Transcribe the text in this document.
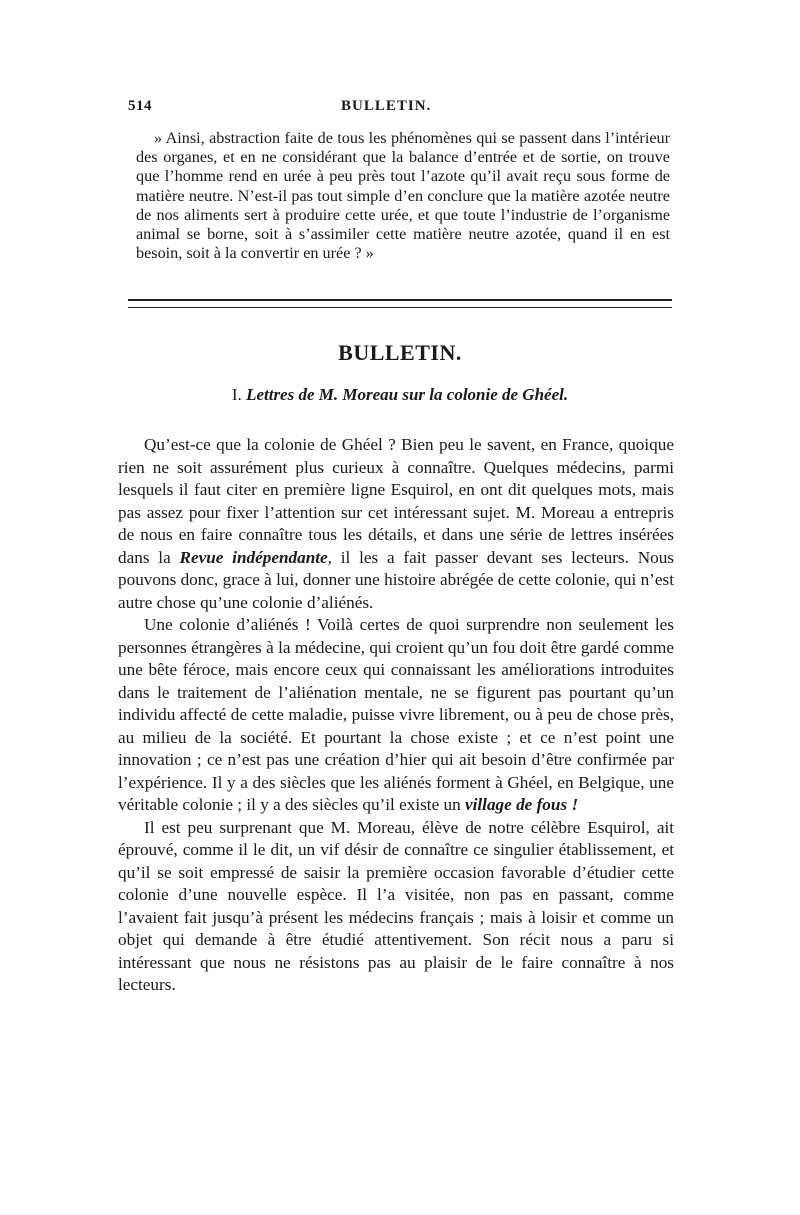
514	BULLETIN.

» Ainsi, abstraction faite de tous les phénomènes qui se passent dans l’intérieur des organes, et en ne considérant que la balance d’entrée et de sortie, on trouve que l’homme rend en urée à peu près tout l’azote qu’il avait reçu sous forme de matière neutre. N’est-il pas tout simple d’en conclure que la matière azotée neutre de nos aliments sert à produire cette urée, et que toute l’industrie de l’organisme animal se borne, soit à s’assimiler cette matière neutre azotée, quand il en est besoin, soit à la convertir en urée ? »

BULLETIN.
I. Lettres de M. Moreau sur la colonie de Ghéel.

Qu’est-ce que la colonie de Ghéel ? Bien peu le savent, en France, quoique rien ne soit assurément plus curieux à connaître. Quelques médecins, parmi lesquels il faut citer en première ligne Esquirol, en ont dit quelques mots, mais pas assez pour fixer l’attention sur cet intéressant sujet. M. Moreau a entrepris de nous en faire connaître tous les détails, et dans une série de lettres insérées dans la Revue indépendante, il les a fait passer devant ses lecteurs. Nous pouvons donc, grace à lui, donner une histoire abrégée de cette colonie, qui n’est autre chose qu’une colonie d’aliénés.

Une colonie d’aliénés ! Voilà certes de quoi surprendre non seulement les personnes étrangères à la médecine, qui croient qu’un fou doit être gardé comme une bête féroce, mais encore ceux qui connaissant les améliorations introduites dans le traitement de l’aliénation mentale, ne se figurent pas pourtant qu’un individu affecté de cette maladie, puisse vivre librement, ou à peu de chose près, au milieu de la société. Et pourtant la chose existe ; et ce n’est point une innovation ; ce n’est pas une création d’hier qui ait besoin d’être confirmée par l’expérience. Il y a des siècles que les aliénés forment à Ghéel, en Belgique, une véritable colonie ; il y a des siècles qu’il existe un village de fous !

Il est peu surprenant que M. Moreau, élève de notre célèbre Esquirol, ait éprouvé, comme il le dit, un vif désir de connaître ce singulier établissement, et qu’il se soit empressé de saisir la première occasion favorable d’étudier cette colonie d’une nouvelle espèce. Il l’a visitée, non pas en passant, comme l’avaient fait jusqu’à présent les médecins français ; mais à loisir et comme un objet qui demande à être étudié attentivement. Son récit nous a paru si intéressant que nous ne résistons pas au plaisir de le faire connaître à nos lecteurs.
